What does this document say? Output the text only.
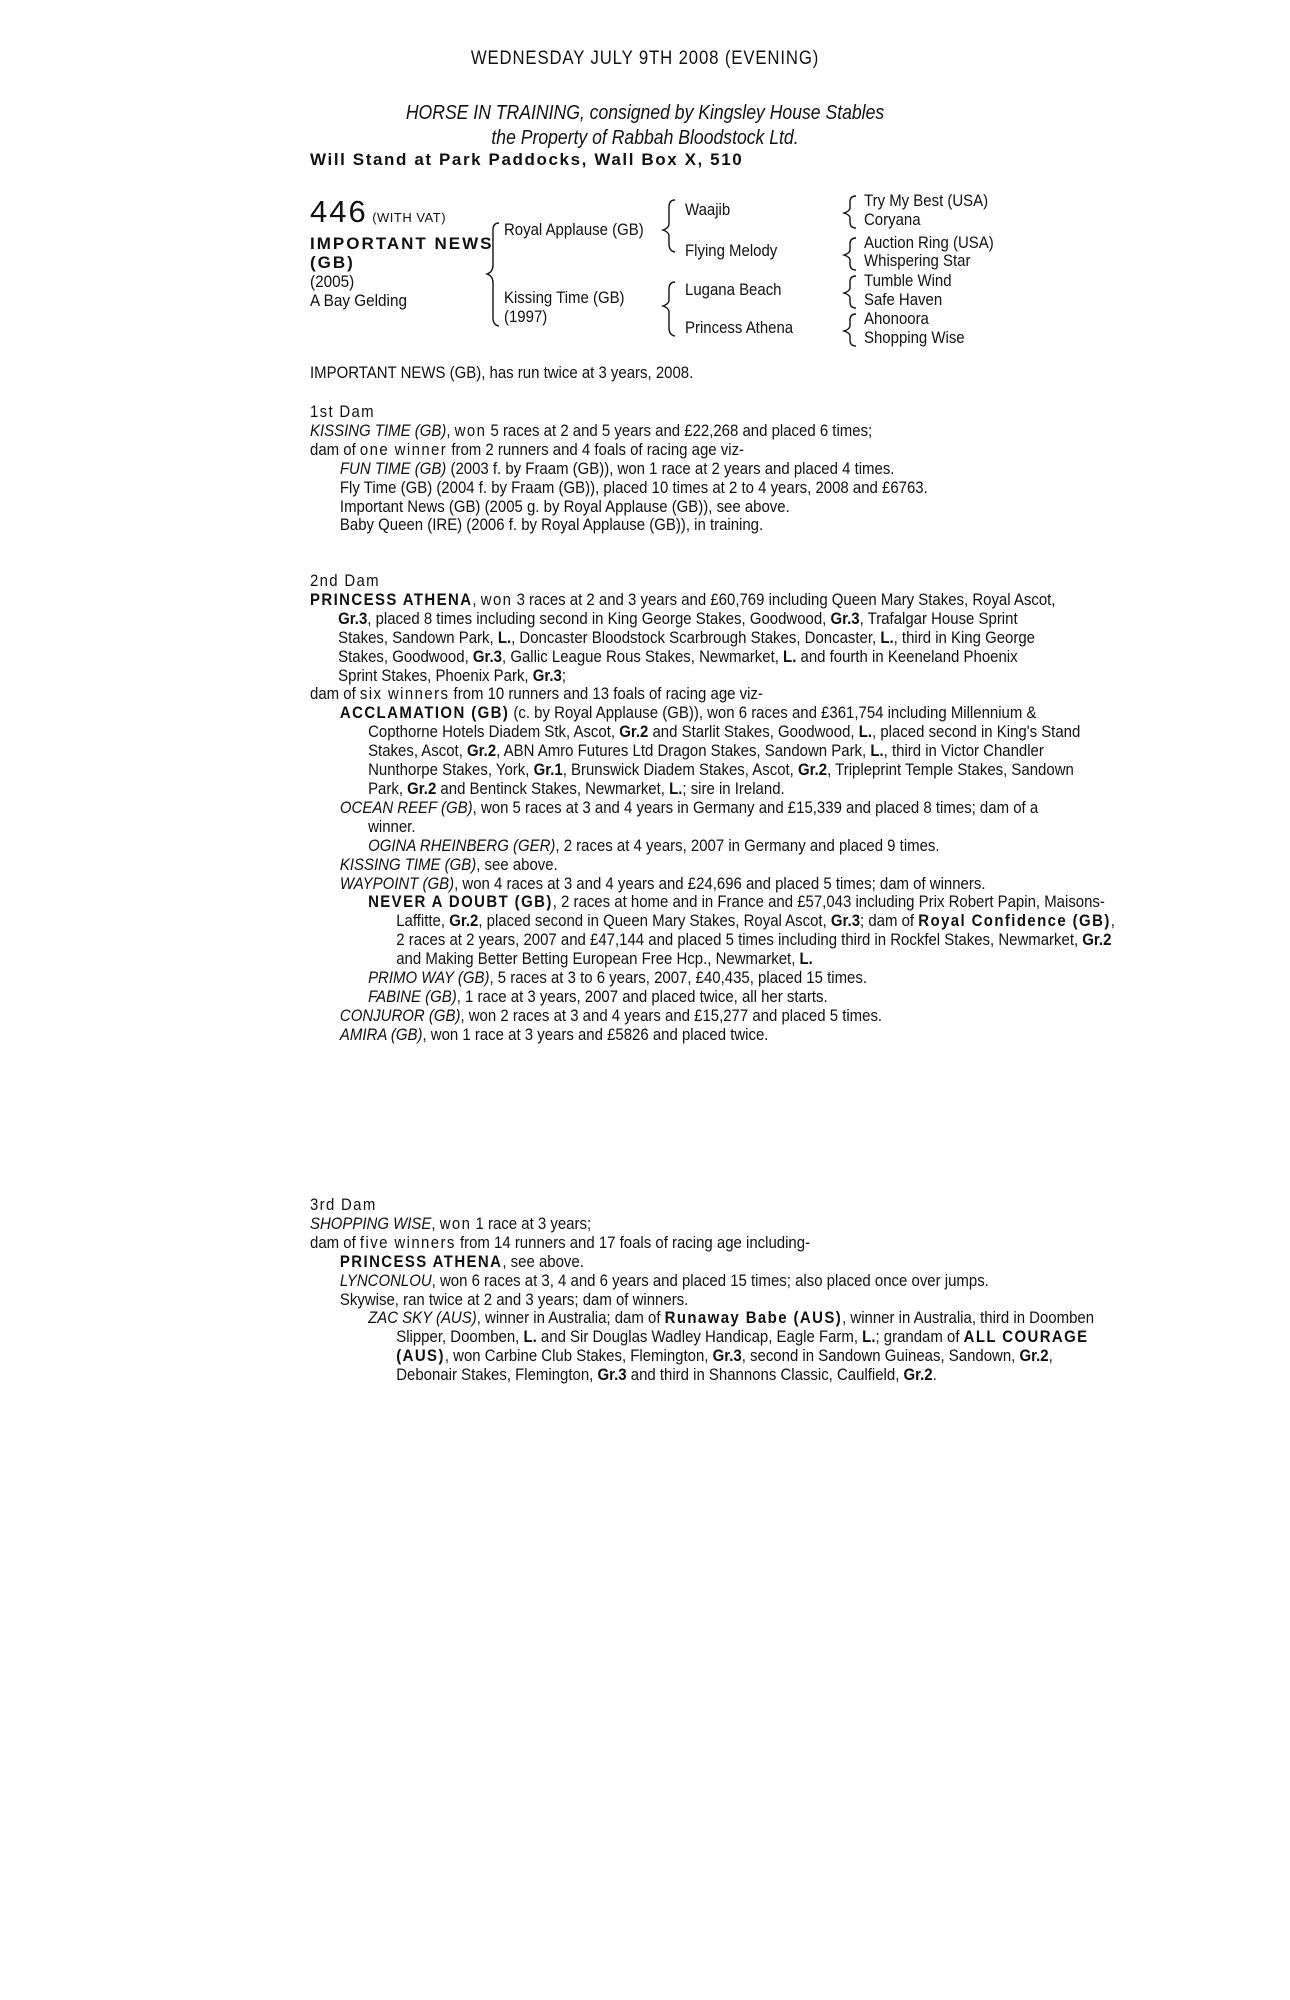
WEDNESDAY JULY 9TH 2008 (EVENING)
HORSE IN TRAINING, consigned by Kingsley House Stables
the Property of Rabbah Bloodstock Ltd.
Will Stand at Park Paddocks, Wall Box X, 510
446 (WITH VAT)
IMPORTANT NEWS
(GB)
(2005)
A Bay Gelding
Royal Applause (GB)
Kissing Time (GB)
(1997)
Waajib
Flying Melody
Lugana Beach
Princess Athena
Try My Best (USA)
Coryana
Auction Ring (USA)
Whispering Star
Tumble Wind
Safe Haven
Ahonoora
Shopping Wise

IMPORTANT NEWS (GB), has run twice at 3 years, 2008.

1st Dam

KISSING TIME (GB), won 5 races at 2 and 5 years and £22,268 and placed 6 times;

dam of one winner from 2 runners and 4 foals of racing age viz-

FUN TIME (GB) (2003 f. by Fraam (GB)), won 1 race at 2 years and placed 4 times.

Fly Time (GB) (2004 f. by Fraam (GB)), placed 10 times at 2 to 4 years, 2008 and £6763.

Important News (GB) (2005 g. by Royal Applause (GB)), see above.

Baby Queen (IRE) (2006 f. by Royal Applause (GB)), in training.

2nd Dam

PRINCESS ATHENA, won 3 races at 2 and 3 years and £60,769 including Queen Mary Stakes, Royal Ascot, Gr.3, placed 8 times including second in King George Stakes, Goodwood, Gr.3, Trafalgar House Sprint Stakes, Sandown Park, L., Doncaster Bloodstock Scarbrough Stakes, Doncaster, L., third in King George Stakes, Goodwood, Gr.3, Gallic League Rous Stakes, Newmarket, L. and fourth in Keeneland Phoenix Sprint Stakes, Phoenix Park, Gr.3;

dam of six winners from 10 runners and 13 foals of racing age viz-

ACCLAMATION (GB) (c. by Royal Applause (GB)), won 6 races and £361,754 including Millennium & Copthorne Hotels Diadem Stk, Ascot, Gr.2 and Starlit Stakes, Goodwood, L., placed second in King's Stand Stakes, Ascot, Gr.2, ABN Amro Futures Ltd Dragon Stakes, Sandown Park, L., third in Victor Chandler Nunthorpe Stakes, York, Gr.1, Brunswick Diadem Stakes, Ascot, Gr.2, Tripleprint Temple Stakes, Sandown Park, Gr.2 and Bentinck Stakes, Newmarket, L.; sire in Ireland.

OCEAN REEF (GB), won 5 races at 3 and 4 years in Germany and £15,339 and placed 8 times; dam of a winner.

OGINA RHEINBERG (GER), 2 races at 4 years, 2007 in Germany and placed 9 times.

KISSING TIME (GB), see above.

WAYPOINT (GB), won 4 races at 3 and 4 years and £24,696 and placed 5 times; dam of winners.

NEVER A DOUBT (GB), 2 races at home and in France and £57,043 including Prix Robert Papin, Maisons-Laffitte, Gr.2, placed second in Queen Mary Stakes, Royal Ascot, Gr.3; dam of Royal Confidence (GB), 2 races at 2 years, 2007 and £47,144 and placed 5 times including third in Rockfel Stakes, Newmarket, Gr.2 and Making Better Betting European Free Hcp., Newmarket, L.

PRIMO WAY (GB), 5 races at 3 to 6 years, 2007, £40,435, placed 15 times.

FABINE (GB), 1 race at 3 years, 2007 and placed twice, all her starts.

CONJUROR (GB), won 2 races at 3 and 4 years and £15,277 and placed 5 times.

AMIRA (GB), won 1 race at 3 years and £5826 and placed twice.

3rd Dam

SHOPPING WISE, won 1 race at 3 years;

dam of five winners from 14 runners and 17 foals of racing age including-

PRINCESS ATHENA, see above.

LYNCONLOU, won 6 races at 3, 4 and 6 years and placed 15 times; also placed once over jumps.

Skywise, ran twice at 2 and 3 years; dam of winners.

ZAC SKY (AUS), winner in Australia; dam of Runaway Babe (AUS), winner in Australia, third in Doomben Slipper, Doomben, L. and Sir Douglas Wadley Handicap, Eagle Farm, L.; grandam of ALL COURAGE (AUS), won Carbine Club Stakes, Flemington, Gr.3, second in Sandown Guineas, Sandown, Gr.2, Debonair Stakes, Flemington, Gr.3 and third in Shannons Classic, Caulfield, Gr.2.
